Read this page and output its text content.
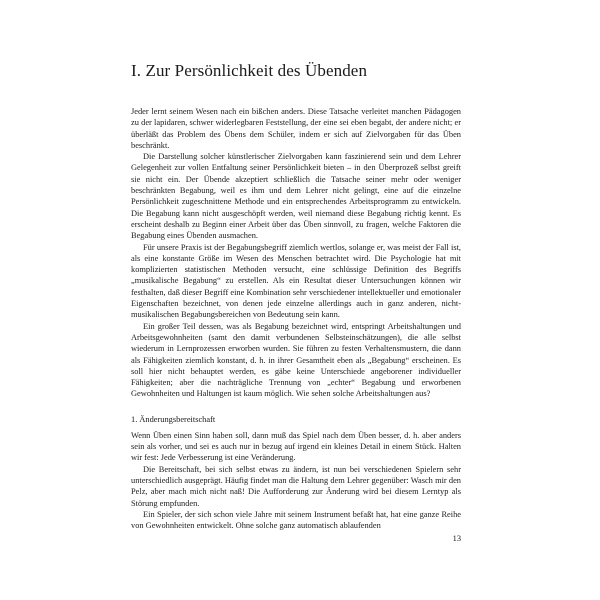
I. Zur Persönlichkeit des Übenden

Jeder lernt seinem Wesen nach ein bißchen anders. Diese Tatsache verleitet manchen Pädagogen zu der lapidaren, schwer widerlegbaren Feststellung, der eine sei eben begabt, der andere nicht; er überläßt das Problem des Übens dem Schüler, indem er sich auf Zielvorgaben für das Üben beschränkt.

Die Darstellung solcher künstlerischer Zielvorgaben kann faszinierend sein und dem Lehrer Gelegenheit zur vollen Entfaltung seiner Persönlichkeit bieten – in den Überprozeß selbst greift sie nicht ein. Der Übende akzeptiert schließlich die Tatsache seiner mehr oder weniger beschränkten Begabung, weil es ihm und dem Lehrer nicht gelingt, eine auf die einzelne Persönlichkeit zugeschnittene Methode und ein entsprechendes Arbeitsprogramm zu entwickeln. Die Begabung kann nicht ausgeschöpft werden, weil niemand diese Begabung richtig kennt. Es erscheint deshalb zu Beginn einer Arbeit über das Üben sinnvoll, zu fragen, welche Faktoren die Begabung eines Übenden ausmachen.

Für unsere Praxis ist der Begabungsbegriff ziemlich wertlos, solange er, was meist der Fall ist, als eine konstante Größe im Wesen des Menschen betrachtet wird. Die Psychologie hat mit komplizierten statistischen Methoden versucht, eine schlüssige Definition des Begriffs „musikalische Begabung“ zu erstellen. Als ein Resultat dieser Untersuchungen können wir festhalten, daß dieser Begriff eine Kombination sehr verschiedener intellektueller und emotionaler Eigenschaften bezeichnet, von denen jede einzelne allerdings auch in ganz anderen, nicht-musikalischen Begabungsbereichen von Bedeutung sein kann.

Ein großer Teil dessen, was als Begabung bezeichnet wird, entspringt Arbeitshaltungen und Arbeitsgewohnheiten (samt den damit verbundenen Selbsteinschätzungen), die alle selbst wiederum in Lernprozessen erworben wurden. Sie führen zu festen Verhaltensmustern, die dann als Fähigkeiten ziemlich konstant, d. h. in ihrer Gesamtheit eben als „Begabung“ erscheinen. Es soll hier nicht behauptet werden, es gäbe keine Unterschiede angeborener individueller Fähigkeiten; aber die nachträgliche Trennung von „echter“ Begabung und erworbenen Gewohnheiten und Haltungen ist kaum möglich. Wie sehen solche Arbeitshaltungen aus?

1. Änderungsbereitschaft

Wenn Üben einen Sinn haben soll, dann muß das Spiel nach dem Üben besser, d. h. aber anders sein als vorher, und sei es auch nur in bezug auf irgend ein kleines Detail in einem Stück. Halten wir fest: Jede Verbesserung ist eine Veränderung.

Die Bereitschaft, bei sich selbst etwas zu ändern, ist nun bei verschiedenen Spielern sehr unterschiedlich ausgeprägt. Häufig findet man die Haltung dem Lehrer gegenüber: Wasch mir den Pelz, aber mach mich nicht naß! Die Aufforderung zur Änderung wird bei diesem Lerntyp als Störung empfunden.

Ein Spieler, der sich schon viele Jahre mit seinem Instrument befaßt hat, hat eine ganze Reihe von Gewohnheiten entwickelt. Ohne solche ganz automatisch ablaufenden

13
